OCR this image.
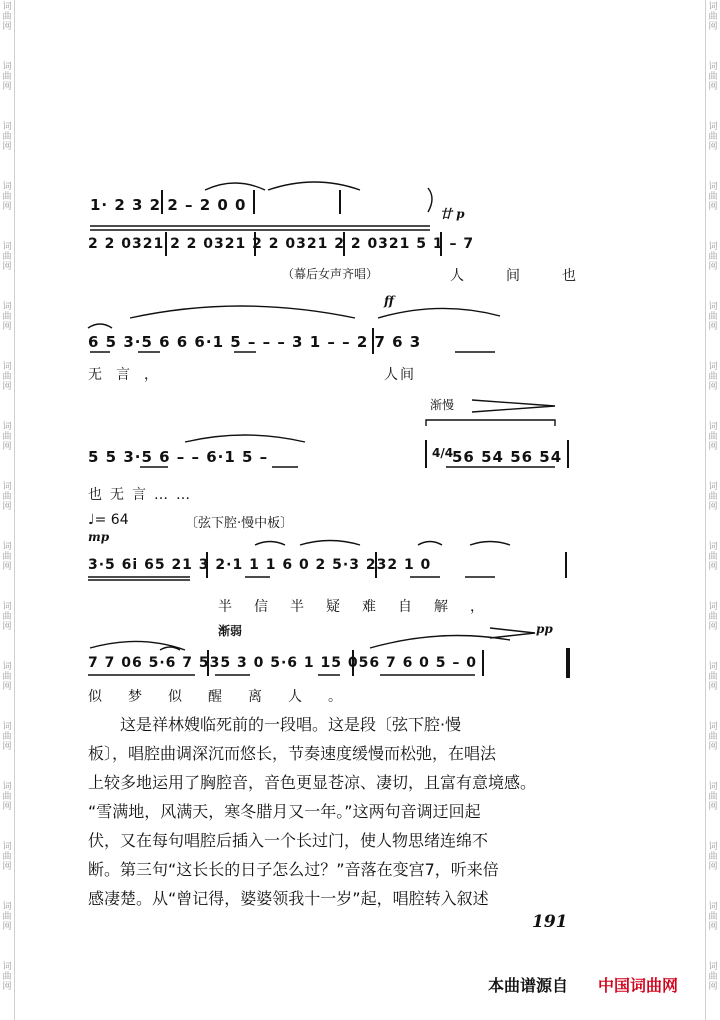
词曲网
词曲网
词曲网
词曲网
词曲网
词曲网
词曲网
词曲网
词曲网
词曲网
词曲网
词曲网
词曲网
词曲网
词曲网
词曲网
词曲网
词曲网
词曲网
词曲网
词曲网
词曲网
词曲网
词曲网
词曲网
词曲网
词曲网
词曲网
词曲网
词曲网
词曲网
词曲网
词曲网
词曲网
1· 2 3 2 2 – 2 0 0	廿 p
2 2 0321 2 2 0321 2 2 0321 2 2 0321 5 1 – 7
（幕后女声齐唱）	人间也
ff
6 5 3·5 6 6 6·1 5 – – – 3 1 – – 2 7 6 3
无言，	人间
渐慢
5 5 3·5 6 – – 6·1 5 –	4/4
56 54 56 54
也无言……
♩= 64	〔弦下腔·慢中板〕
mp
3·5 6i 65 21 3 2·1 1 1 6 0 2 5·3 232 1 0
半信半疑难自解，
渐弱	pp
7 7 06 5·6 7 535 3 0 5·6 1 15 056 7 6 0 5 – 0
似梦似醒离人。
这是祥林嫂临死前的一段唱。这是段〔弦下腔·慢
板〕，唱腔曲调深沉而悠长，节奏速度缓慢而松弛，在唱法
上较多地运用了胸腔音，音色更显苍凉、凄切，且富有意境感。
“雪满地，风满天，寒冬腊月又一年。”这两句音调迂回起
伏，又在每句唱腔后插入一个长过门，使人物思绪连绵不
断。第三句“这长长的日子怎么过？”音落在变宫7，听来倍
感凄楚。从“曾记得，婆婆领我十一岁”起，唱腔转入叙述
191
本曲谱源自 中国词曲网
